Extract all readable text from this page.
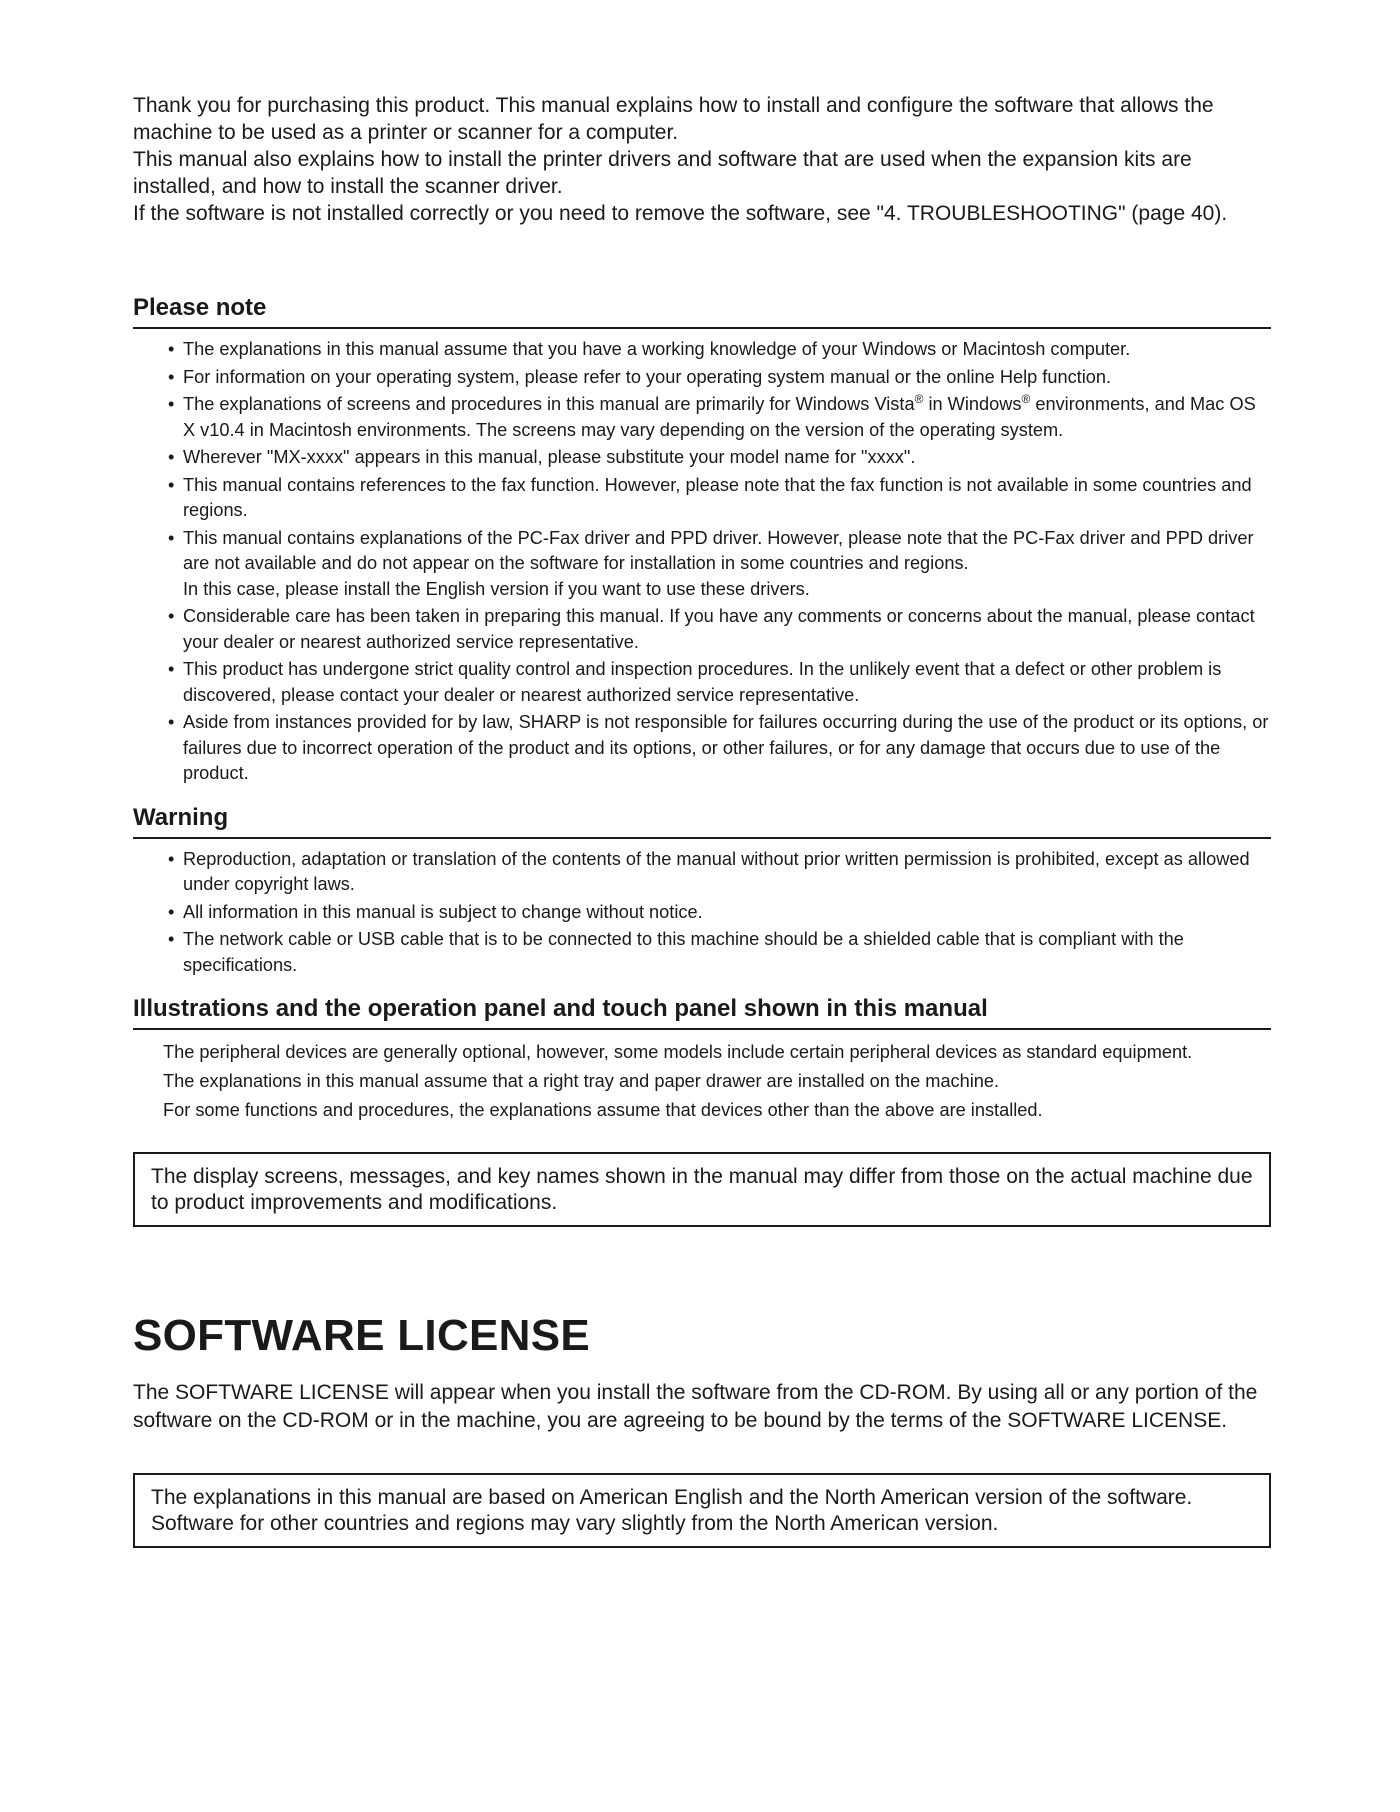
Thank you for purchasing this product. This manual explains how to install and configure the software that allows the machine to be used as a printer or scanner for a computer.

This manual also explains how to install the printer drivers and software that are used when the expansion kits are installed, and how to install the scanner driver.

If the software is not installed correctly or you need to remove the software, see "4. TROUBLESHOOTING" (page 40).

Please note
• The explanations in this manual assume that you have a working knowledge of your Windows or Macintosh computer.
• For information on your operating system, please refer to your operating system manual or the online Help function.
• The explanations of screens and procedures in this manual are primarily for Windows Vista® in Windows® environments, and Mac OS X v10.4 in Macintosh environments. The screens may vary depending on the version of the operating system.
• Wherever "MX-xxxx" appears in this manual, please substitute your model name for "xxxx".
• This manual contains references to the fax function. However, please note that the fax function is not available in some countries and regions.
• This manual contains explanations of the PC-Fax driver and PPD driver. However, please note that the PC-Fax driver and PPD driver are not available and do not appear on the software for installation in some countries and regions.
In this case, please install the English version if you want to use these drivers.
• Considerable care has been taken in preparing this manual. If you have any comments or concerns about the manual, please contact your dealer or nearest authorized service representative.
• This product has undergone strict quality control and inspection procedures. In the unlikely event that a defect or other problem is discovered, please contact your dealer or nearest authorized service representative.
• Aside from instances provided for by law, SHARP is not responsible for failures occurring during the use of the product or its options, or failures due to incorrect operation of the product and its options, or other failures, or for any damage that occurs due to use of the product.
Warning
• Reproduction, adaptation or translation of the contents of the manual without prior written permission is prohibited, except as allowed under copyright laws.
• All information in this manual is subject to change without notice.
• The network cable or USB cable that is to be connected to this machine should be a shielded cable that is compliant with the specifications.
Illustrations and the operation panel and touch panel shown in this manual

The peripheral devices are generally optional, however, some models include certain peripheral devices as standard equipment.

The explanations in this manual assume that a right tray and paper drawer are installed on the machine.

For some functions and procedures, the explanations assume that devices other than the above are installed.

The display screens, messages, and key names shown in the manual may differ from those on the actual machine due to product improvements and modifications.
SOFTWARE LICENSE

The SOFTWARE LICENSE will appear when you install the software from the CD-ROM. By using all or any portion of the software on the CD-ROM or in the machine, you are agreeing to be bound by the terms of the SOFTWARE LICENSE.

The explanations in this manual are based on American English and the North American version of the software. Software for other countries and regions may vary slightly from the North American version.
